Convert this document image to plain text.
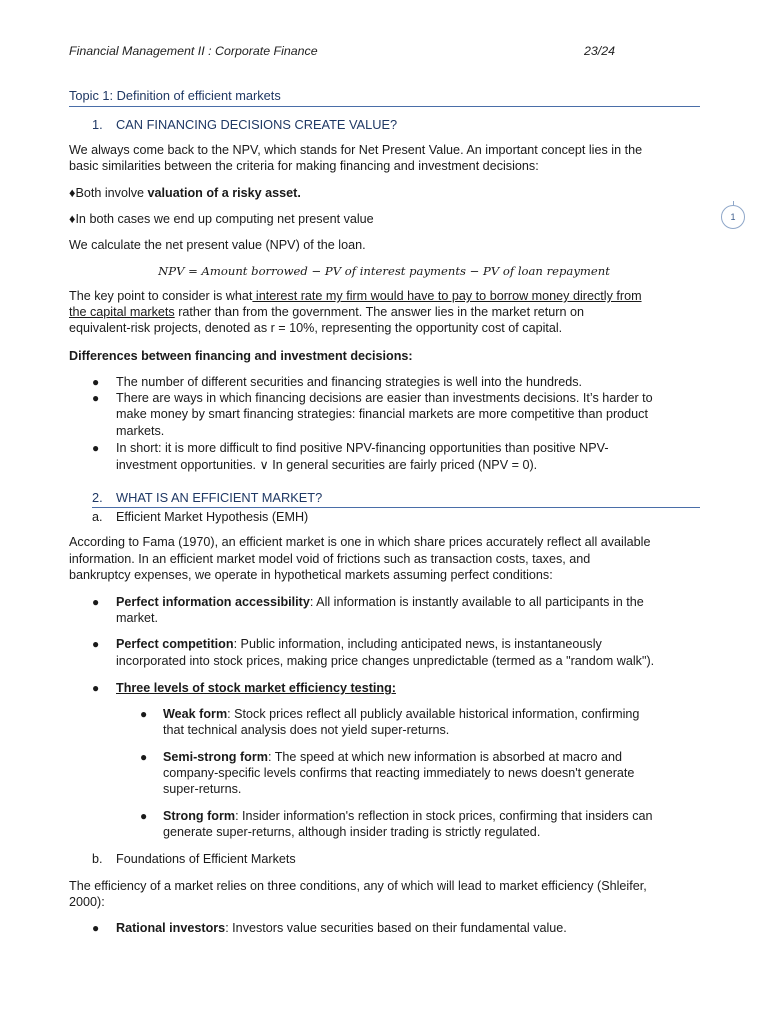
Financial Management II : Corporate Finance	23/24
1
Topic 1: Definition of efficient markets
1. CAN FINANCING DECISIONS CREATE VALUE?
We always come back to the NPV, which stands for Net Present Value. An important concept lies in the
basic similarities between the criteria for making financing and investment decisions:
♦Both involve valuation of a risky asset.
♦In both cases we end up computing net present value
We calculate the net present value (NPV) of the loan.
NPV = Amount borrowed − PV of interest payments − PV of loan repayment
The key point to consider is what interest rate my firm would have to pay to borrow money directly from
the capital markets rather than from the government. The answer lies in the market return on
equivalent-risk projects, denoted as r = 10%, representing the opportunity cost of capital.
Differences between financing and investment decisions:
● The number of different securities and financing strategies is well into the hundreds.
● There are ways in which financing decisions are easier than investments decisions. It’s harder to
make money by smart financing strategies: financial markets are more competitive than product
markets.
● In short: it is more difficult to find positive NPV-financing opportunities than positive NPV-
investment opportunities. ∨ In general securities are fairly priced (NPV = 0).
2. WHAT IS AN EFFICIENT MARKET?
a. Efficient Market Hypothesis (EMH)
According to Fama (1970), an efficient market is one in which share prices accurately reflect all available
information. In an efficient market model void of frictions such as transaction costs, taxes, and
bankruptcy expenses, we operate in hypothetical markets assuming perfect conditions:
● Perfect information accessibility: All information is instantly available to all participants in the
market.
● Perfect competition: Public information, including anticipated news, is instantaneously
incorporated into stock prices, making price changes unpredictable (termed as a "random walk").
● Three levels of stock market efficiency testing:
● Weak form: Stock prices reflect all publicly available historical information, confirming
that technical analysis does not yield super-returns.
● Semi-strong form: The speed at which new information is absorbed at macro and
company-specific levels confirms that reacting immediately to news doesn't generate
super-returns.
● Strong form: Insider information's reflection in stock prices, confirming that insiders can
generate super-returns, although insider trading is strictly regulated.
b. Foundations of Efficient Markets
The efficiency of a market relies on three conditions, any of which will lead to market efficiency (Shleifer,
2000):
● Rational investors: Investors value securities based on their fundamental value.
